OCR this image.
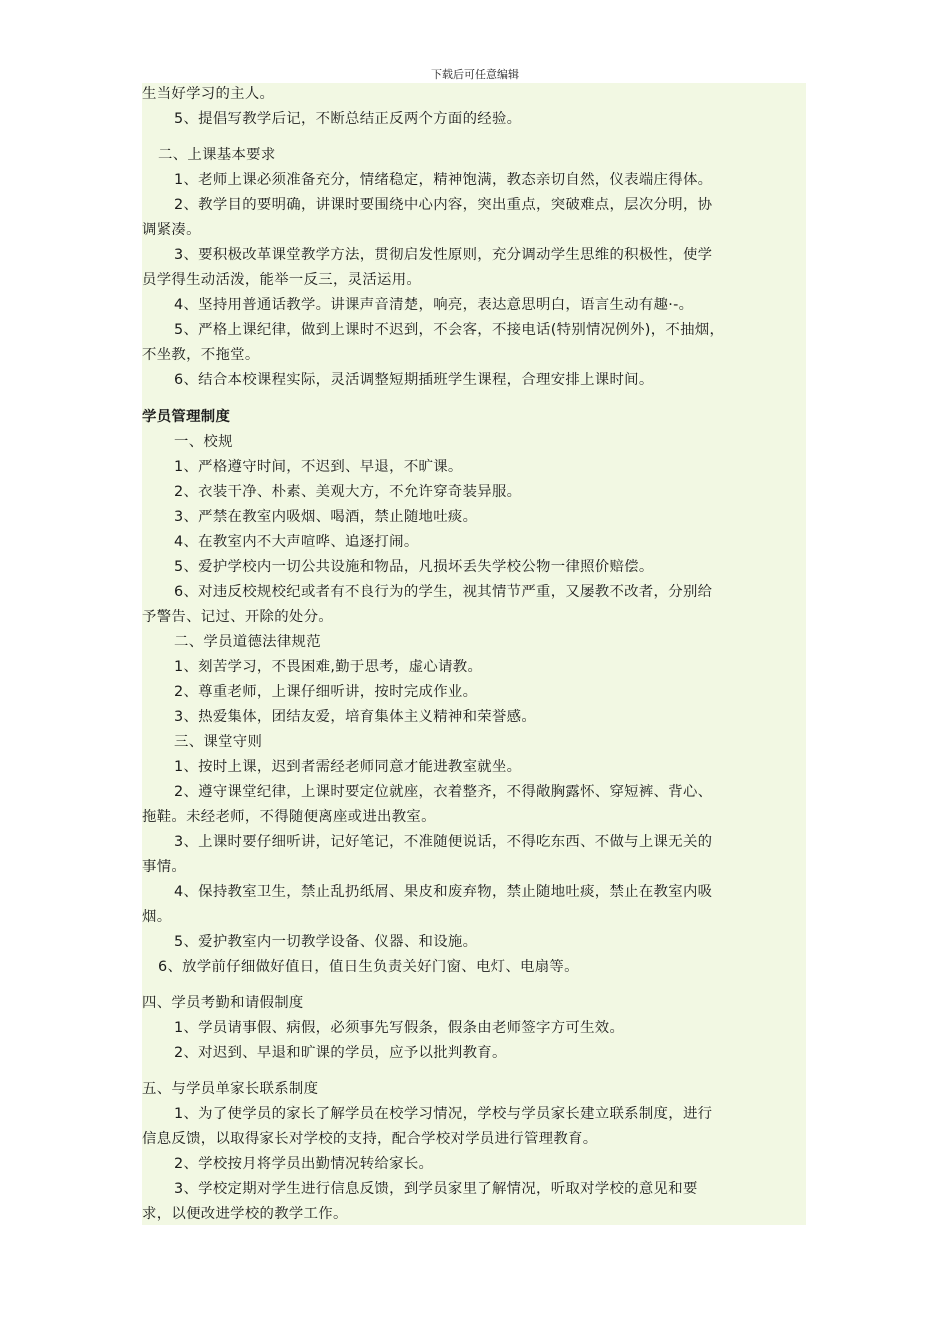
下载后可任意编辑
生当好学习的主人。
5、提倡写教学后记，不断总结正反两个方面的经验。
二、上课基本要求
1、老师上课必须准备充分，情绪稳定，精神饱满，教态亲切自然，仪表端庄得体。
2、教学目的要明确，讲课时要围绕中心内容，突出重点，突破难点，层次分明，协
调紧凑。
3、要积极改革课堂教学方法，贯彻启发性原则，充分调动学生思维的积极性，使学
员学得生动活泼，能举一反三，灵活运用。
4、坚持用普通话教学。讲课声音清楚，响亮，表达意思明白，语言生动有趣·-。
5、严格上课纪律，做到上课时不迟到，不会客，不接电话(特别情况例外)，不抽烟，
不坐教，不拖堂。
6、结合本校课程实际，灵活调整短期插班学生课程，合理安排上课时间。
学员管理制度
一、校规
1、严格遵守时间，不迟到、早退，不旷课。
2、衣装干净、朴素、美观大方，不允许穿奇装异服。
3、严禁在教室内吸烟、喝酒，禁止随地吐痰。
4、在教室内不大声喧哗、追逐打闹。
5、爱护学校内一切公共设施和物品，凡损坏丢失学校公物一律照价赔偿。
6、对违反校规校纪或者有不良行为的学生，视其情节严重，又屡教不改者，分别给
予警告、记过、开除的处分。
二、学员道德法律规范
1、刻苦学习，不畏困难,勤于思考，虚心请教。
2、尊重老师，上课仔细听讲，按时完成作业。
3、热爱集体，团结友爱，培育集体主义精神和荣誉感。
三、课堂守则
1、按时上课，迟到者需经老师同意才能进教室就坐。
2、遵守课堂纪律，上课时要定位就座，衣着整齐，不得敞胸露怀、穿短裤、背心、
拖鞋。未经老师，不得随便离座或进出教室。
3、上课时要仔细听讲，记好笔记，不准随便说话，不得吃东西、不做与上课无关的
事情。
4、保持教室卫生，禁止乱扔纸屑、果皮和废弃物，禁止随地吐痰，禁止在教室内吸
烟。
5、爱护教室内一切教学设备、仪器、和设施。
6、放学前仔细做好值日，值日生负责关好门窗、电灯、电扇等。
四、学员考勤和请假制度
1、学员请事假、病假，必须事先写假条，假条由老师签字方可生效。
2、对迟到、早退和旷课的学员，应予以批判教育。
五、与学员单家长联系制度
1、为了使学员的家长了解学员在校学习情况，学校与学员家长建立联系制度，进行
信息反馈，以取得家长对学校的支持，配合学校对学员进行管理教育。
2、学校按月将学员出勤情况转给家长。
3、学校定期对学生进行信息反馈，到学员家里了解情况，听取对学校的意见和要
求，以便改进学校的教学工作。
